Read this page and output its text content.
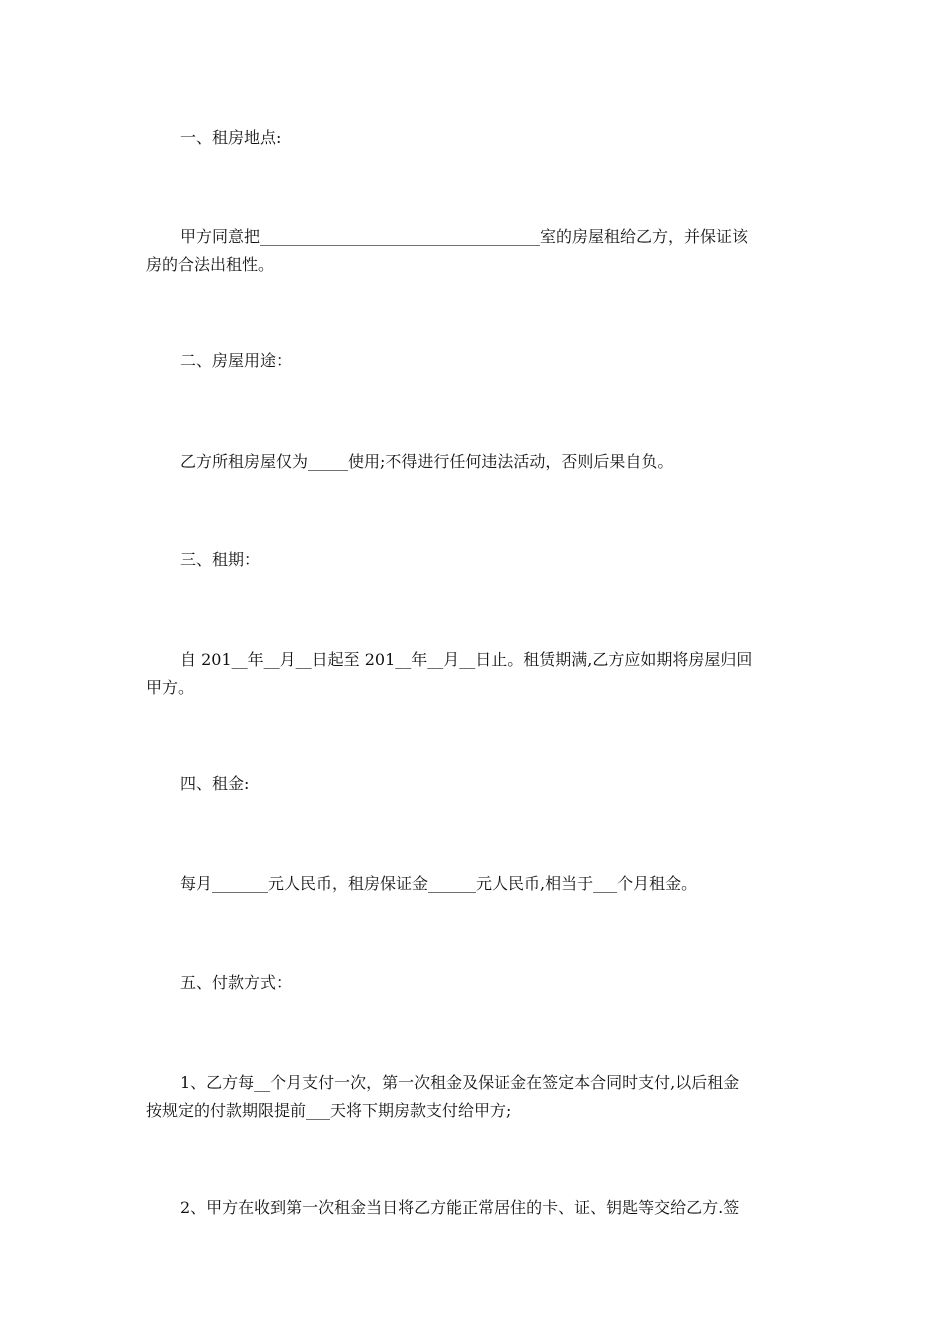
一、租房地点:

甲方同意把___________________________________室的房屋租给乙方，并保证该

房的合法出租性。

二、房屋用途：

乙方所租房屋仅为_____使用;不得进行任何违法活动，否则后果自负。

三、租期：

自 201__年__月__日起至 201__年__月__日止。租赁期满,乙方应如期将房屋归回

甲方。

四、租金:

每月_______元人民币，租房保证金______元人民币,相当于___个月租金。

五、付款方式：

1、乙方每__个月支付一次，第一次租金及保证金在签定本合同时支付,以后租金

按规定的付款期限提前___天将下期房款支付给甲方;

2、甲方在收到第一次租金当日将乙方能正常居住的卡、证、钥匙等交给乙方.签
